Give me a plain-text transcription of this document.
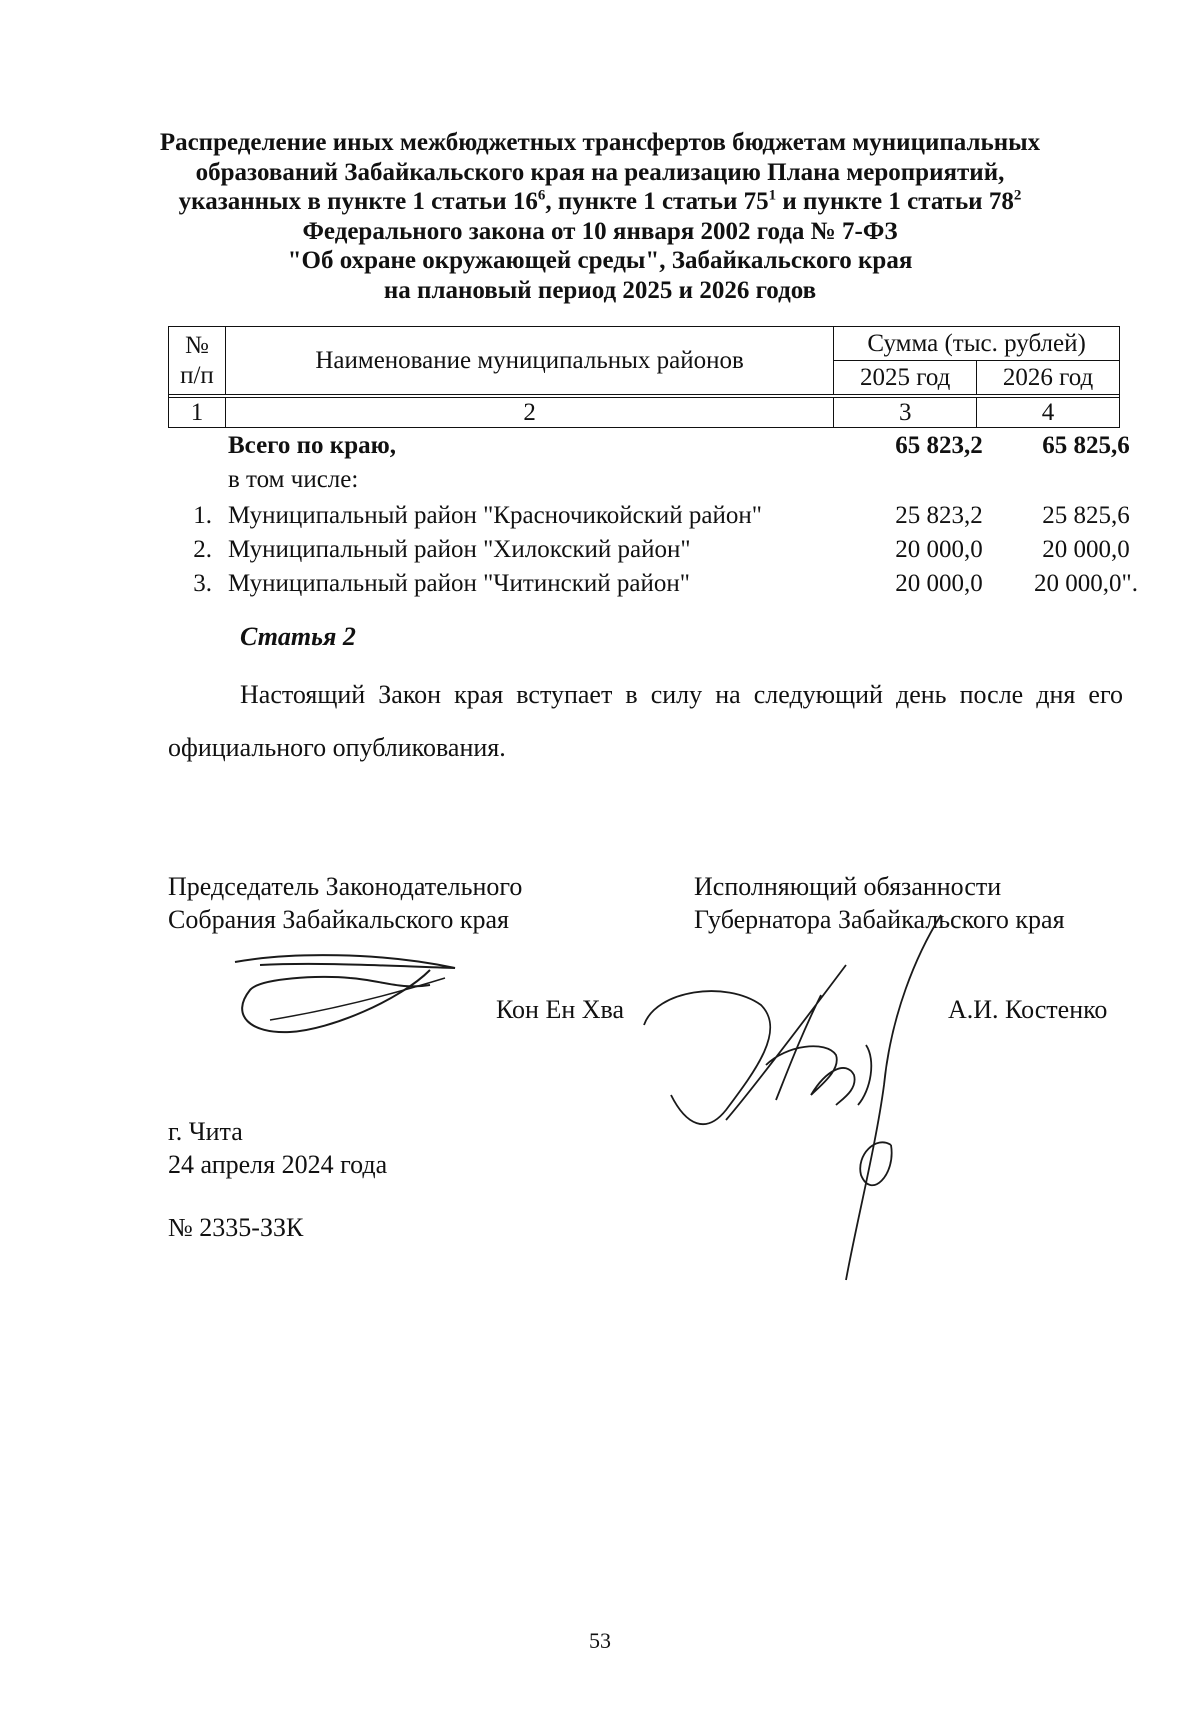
Распределение иных межбюджетных трансфертов бюджетам муниципальных
образований Забайкальского края на реализацию Плана мероприятий,
указанных в пункте 1 статьи $16^6$, пункте 1 статьи $75^1$ и пункте 1 статьи $78^2$
Федерального закона от 10 января 2002 года № 7-ФЗ
"Об охране окружающей среды", Забайкальского края
на плановый период 2025 и 2026 годов
№
п/п	Наименование муниципальных районов	Сумма (тыс. рублей)	
		2025 год	2026 год

1	2	3	4
Всего по краю,	65 823,2	65 825,6
в том числе:
1. Муниципальный район "Красночикойский район"	25 823,2	25 825,6
2. Муниципальный район "Хилокский район"	20 000,0	20 000,0
3. Муниципальный район "Читинский район"	20 000,0	20 000,0".
Статья 2
Настоящий Закон края вступает в силу на следующий день после дня его официального опубликования.
Председатель Законодательного
Собрания Забайкальского края
Исполняющий обязанности
Губернатора Забайкальского края
Кон Ен Хва	А.И. Костенко
г. Чита
24 апреля 2024 года
№ 2335-ЗЗК
53
